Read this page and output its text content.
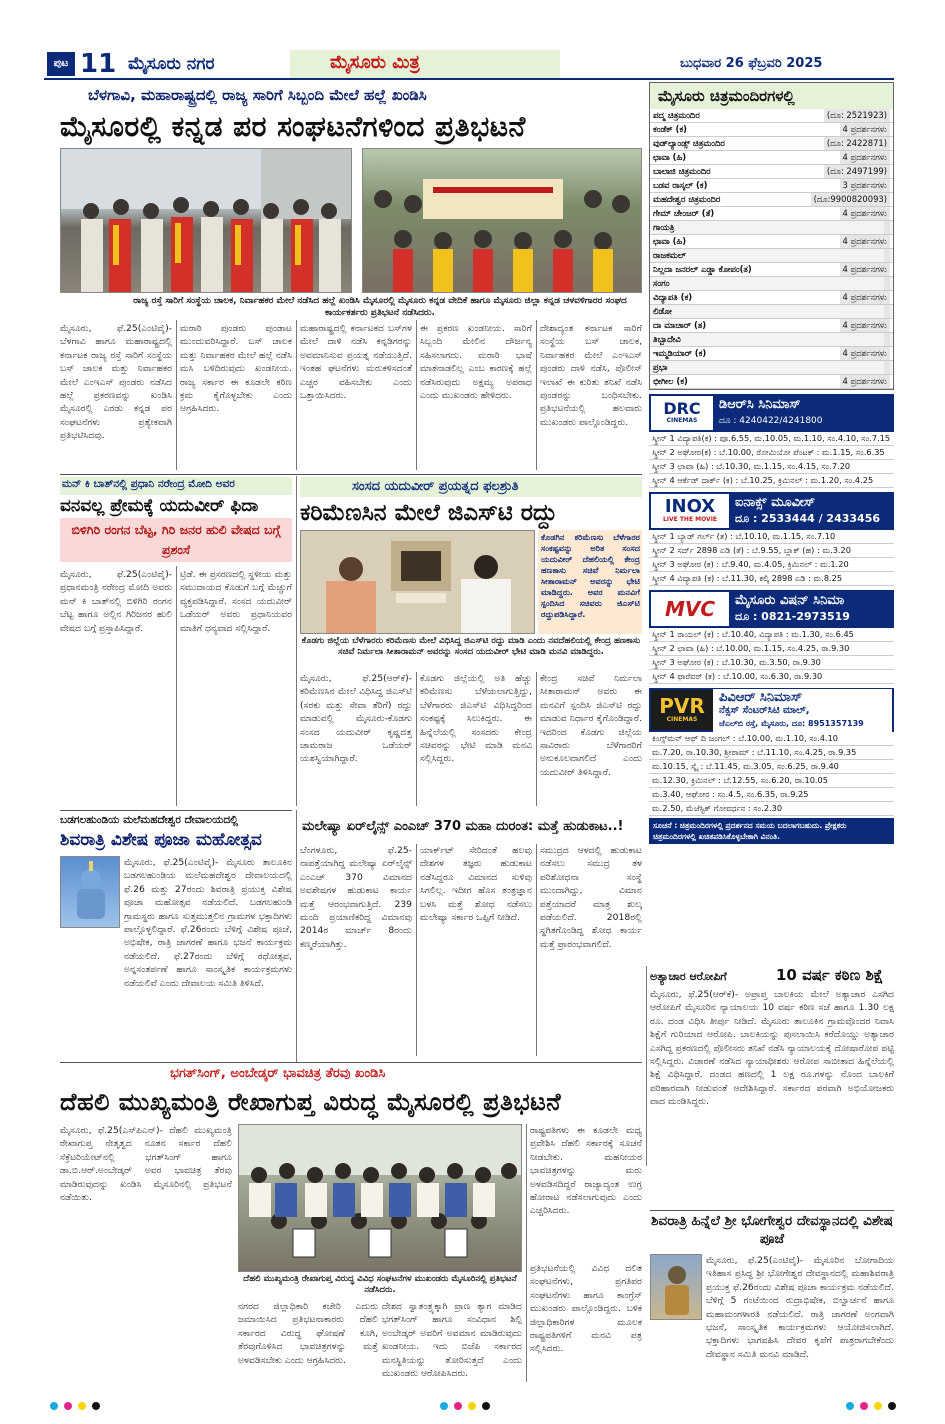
ಪುಟ 11 ಮೈಸೂರು ನಗರ	ಮೈಸೂರು ಮಿತ್ರ	ಬುಧವಾರ 26 ಫೆಬ್ರವರಿ 2025
ಬೆಳಗಾವಿ, ಮಹಾರಾಷ್ಟ್ರದಲ್ಲಿ ರಾಜ್ಯ ಸಾರಿಗೆ ಸಿಬ್ಬಂದಿ ಮೇಲೆ ಹಲ್ಲೆ ಖಂಡಿಸಿ
ಮೈಸೂರಲ್ಲಿ ಕನ್ನಡ ಪರ ಸಂಘಟನೆಗಳಿಂದ ಪ್ರತಿಭಟನೆ
ರಾಜ್ಯ ರಸ್ತೆ ಸಾರಿಗೆ ಸಂಸ್ಥೆಯ ಚಾಲಕ, ನಿರ್ವಾಹಕರ ಮೇಲೆ ನಡೆಸಿದ ಹಲ್ಲೆ ಖಂಡಿಸಿ ಮೈಸೂರಲ್ಲಿ ಮೈಸೂರು ಕನ್ನಡ ವೇದಿಕೆ ಹಾಗೂ ಮೈಸೂರು ಜಿಲ್ಲಾ ಕನ್ನಡ ಚಳವಳಿಗಾರರ ಸಂಘದ ಕಾರ್ಯಕರ್ತರು ಪ್ರತಿಭಟನೆ ನಡೆಸಿದರು.
ಮೈಸೂರು, ಫೆ.25(ಎಂಟಿವೈ)- ಬೆಳಗಾವಿ ಹಾಗೂ ಮಹಾರಾಷ್ಟ್ರದಲ್ಲಿ ಕರ್ನಾಟಕ ರಾಜ್ಯ ರಸ್ತೆ ಸಾರಿಗೆ ಸಂಸ್ಥೆಯ ಬಸ್ ಚಾಲಕ ಮತ್ತು ನಿರ್ವಾಹಕರ ಮೇಲೆ ಎಂಇಎಸ್ ಪುಂಡರು ನಡೆಸಿದ ಹಲ್ಲೆ ಪ್ರಕರಣವನ್ನು ಖಂಡಿಸಿ ಮೈಸೂರಲ್ಲಿ ಎರಡು ಕನ್ನಡ ಪರ ಸಂಘಟನೆಗಳು ಪ್ರತ್ಯೇಕವಾಗಿ ಪ್ರತಿಭಟಿಸಿದವು.
ಮರಾಠಿ ಪುಂಡರು ಪುಂಡಾಟ ಮುಂದುವರಿಸಿದ್ದಾರೆ. ಬಸ್ ಚಾಲಕ ಮತ್ತು ನಿರ್ವಾಹಕರ ಮೇಲೆ ಹಲ್ಲೆ ನಡೆಸಿ ಮಸಿ ಬಳಿದಿರುವುದು ಖಂಡನೀಯ. ರಾಜ್ಯ ಸರ್ಕಾರ ಈ ಕೂಡಲೇ ಕಠಿಣ ಕ್ರಮ ಕೈಗೊಳ್ಳಬೇಕು ಎಂದು ಆಗ್ರಹಿಸಿದರು.
ಮಹಾರಾಷ್ಟ್ರದಲ್ಲಿ ಕರ್ನಾಟಕದ ಬಸ್‌ಗಳ ಮೇಲೆ ದಾಳಿ ನಡೆಸಿ ಕನ್ನಡಿಗರನ್ನು ಅವಮಾನಿಸುವ ಪ್ರಯತ್ನ ನಡೆಯುತ್ತಿದೆ. ಇಂತಹ ಘಟನೆಗಳು ಮರುಕಳಿಸದಂತೆ ಎಚ್ಚರ ವಹಿಸಬೇಕು ಎಂದು ಒತ್ತಾಯಿಸಿದರು.
ಈ ಪ್ರಕರಣ ಖಂಡನೀಯ. ಸಾರಿಗೆ ಸಿಬ್ಬಂದಿ ಮೇಲಿನ ದೌರ್ಜನ್ಯ ಸಹಿಸಲಾಗದು. ಮರಾಠಿ ಭಾಷೆ ಮಾತನಾಡಲಿಲ್ಲ ಎಂಬ ಕಾರಣಕ್ಕೆ ಹಲ್ಲೆ ನಡೆಸಿರುವುದು ಅಕ್ಷಮ್ಯ ಅಪರಾಧ ಎಂದು ಮುಖಂಡರು ಹೇಳಿದರು.
ದೇಶಾದ್ಯಂತ ಕರ್ನಾಟಕ ಸಾರಿಗೆ ಸಂಸ್ಥೆಯ ಬಸ್ ಚಾಲಕ, ನಿರ್ವಾಹಕರ ಮೇಲೆ ಎಂಇಎಸ್ ಪುಂಡರು ದಾಳಿ ನಡೆಸಿ, ಪೊಲೀಸ್ ಇಲಾಖೆ ಈ ಕುರಿತು ತನಿಖೆ ನಡೆಸಿ ಪುಂಡರನ್ನು ಬಂಧಿಸಬೇಕು. ಪ್ರತಿಭಟನೆಯಲ್ಲಿ ಹಲವಾರು ಮುಖಂಡರು ಪಾಲ್ಗೊಂಡಿದ್ದರು.
ಮೈಸೂರು ಚಿತ್ರಮಂದಿರಗಳಲ್ಲಿ
ಪದ್ಮ ಚಿತ್ರಮಂದಿರ	(ದೂ: 2521923)
ಕಂಡೆಕ್ (ಕ)	4 ಪ್ರದರ್ಶನಗಳು
ವುಡ್‌ಲ್ಯಾಂಡ್ಸ್ ಚಿತ್ರಮಂದಿರ	(ದೂ: 2422871)
ಛಾವಾ (ಹಿ)	4 ಪ್ರದರ್ಶನಗಳು
ಬಾಲಾಜಿ ಚಿತ್ರಮಂದಿರ	(ದೂ: 2497199)
ಬಡವ ರಾಸ್ಕಲ್ (ಕ)	3 ಪ್ರದರ್ಶನಗಳು
ಮಹದೇಶ್ವರ ಚಿತ್ರಮಂದಿರ	(ದೂ:9900820093)
ಗೇಮ್ ಚೇಂಜರ್ (ತೆ)	4 ಪ್ರದರ್ಶನಗಳು
ಗಾಯತ್ರಿ
ಛಾವಾ (ಹಿ)	4 ಪ್ರದರ್ಶನಗಳು
ರಾಜಕಮಲ್
ನಿಲ್ಲದಾ ಜನರಲ್ ಎಡ್ಡಾ ಕೋಪಂ(ತ)	4 ಪ್ರದರ್ಶನಗಳು
ಸಂಗಂ
ವಿದ್ಯಾಪತಿ (ಕ)	4 ಪ್ರದರ್ಶನಗಳು
ಲಿಡೋ
ದಾ ಮಾಚಾರ್ (ತ)	4 ಪ್ರದರ್ಶನಗಳು
ತಿಬ್ಬಾದೇವಿ
ಇಮ್ಮಡಿಯಾರ್ (ಕ)	4 ಪ್ರದರ್ಶನಗಳು
ಪ್ರಭಾ
ಭೀಗೀಲ (ಕ)	4 ಪ್ರದರ್ಶನಗಳು
DRC
CINEMAS
ಡಿಆರ್‌ಸಿ ಸಿನಿಮಾಸ್
ದೂ : 4240422/4241800
ಸ್ಕ್ರೀನ್ 1 ವಿದ್ಯಾಪತಿ(ಕ) : ಪೂ.6.55, ಮ.10.05, ಮ.1.10, ಸಂ.4.10, ಸಂ.7.15
ಸ್ಕ್ರೀನ್ 2 ಅಘೋರ(ಕ) : ಬೆ.10.00, ರೋಮಿಯೋ ಪೆಂಟಕ್ : ಮ.1.15, ಸಂ.6.35
ಸ್ಕ್ರೀನ್ 3 ಛಾವಾ (ಹಿ) : ಬೆ.10.30, ಮ.1.15, ಸಂ.4.15, ಸಂ.7.20
ಸ್ಕ್ರೀನ್ 4 ಆರ್ಕೆಡ್ ದಾರ್ಕ್ (ಕ) : ಬೆ.10.25, ಕ್ರಿಮಿನಲ್ : ಮ.1.20, ಸಂ.4.25
INOX
LIVE THE MOVIE
ಐನಾಕ್ಸ್ ಮೂವೀಸ್
ದೂ : 2533444 / 2433456
ಸ್ಕ್ರೀನ್ 1 ಬ್ಯಾಡ್ ಗರ್ಲ್ (ತ) : ಬೆ.10.10, ಮ.1.15, ಸಂ.7.10
ಸ್ಕ್ರೀನ್ 2 ಸರ್ದ್ 2898 ಎಡಿ (ತೆ) : ಬೆ.9.55, ಬ್ಲಾಕ್ (ಹ) : ಮ.3.20
ಸ್ಕ್ರೀನ್ 3 ಅಘೋರ (ಕ) : ಬೆ.9.40, ಮ.4.05, ಕ್ರಿಮಿನಲ್ : ಮ.1.20
ಸ್ಕ್ರೀನ್ 4 ವಿದ್ಯಾಪತಿ (ಕ) : ಬೆ.11.30, ಕಲ್ಕಿ 2898 ಎಡಿ : ಮ.8.25
MVC	ಮೈಸೂರು ವಿಷನ್ ಸಿನಿಮಾ
ದೂ : 0821-2973519
ಸ್ಕ್ರೀನ್ 1 ರಾಯಲ್ (ಕ) : ಬೆ.10.40, ವಿದ್ಯಾಪತಿ : ಮ.1.30, ಸಂ.6.45
ಸ್ಕ್ರೀನ್ 2 ಛಾವಾ (ಹಿ) : ಬೆ.10.00, ಮ.1.15, ಸಂ.4.25, ರಾ.9.30
ಸ್ಕ್ರೀನ್ 3 ಅಘೋರ (ಕ) : ಬೆ.10.30, ಮ.3.50, ರಾ.9.30
ಸ್ಕ್ರೀನ್ 4 ಫಾರೆವರ್ (ಕ) : ಬೆ.10.00, ಸಂ.6.30, ರಾ.9.30
PVR
CINEMAS
ಪಿವಿಆರ್ ಸಿನಿಮಾಸ್
ನೆಕ್ಸಸ್ ಸೆಂಟರ್‌ಸಿಟಿ ಮಾಲ್,
ಜೆಎಲ್‌ಬಿ ರಸ್ತೆ, ಮೈಸೂರು, ದೂ: 8951357139
ಕಿಂಗ್ಸ್‌ಮನ್ ಆಫ್ ದಿ ಜಂಗಲ್ : ಬೆ.10.00, ಮ.1.10, ಸಂ.4.10
ಮ.7.20, ರಾ.10.30, ಶ್ರೀರಾಮ್ : ಬೆ.11.10, ಸಂ.4.25, ರಾ.9.35
ಮ.10.15, ಸ್ಕೈ : ಬೆ.11.45, ಮ.3.05, ಸಂ.6.25, ರಾ.9.40
ಮ.12.30, ಕ್ರಿಮಿನಲ್ : ಬೆ.12.55, ಸಂ.6.20, ರಾ.10.05
ಮ.3.40, ಆಘೋರ : ಸಂ.4.5, ಸಂ.6.35, ರಾ.9.25
ಮ.2.50, ಮೆಜೆಸ್ಟಿಕ್ ಗೋವರ್ಧನ : ಸಂ.2.30
ಸೂಚನೆ : ಚಿತ್ರಮಂದಿರಗಳಲ್ಲಿ ಪ್ರದರ್ಶನದ ಸಮಯ ಬದಲಾಗಬಹುದು. ಪ್ರೇಕ್ಷಕರು ಚಿತ್ರಮಂದಿರಗಳಲ್ಲಿ ಖಚಿತಪಡಿಸಿಕೊಳ್ಳಬೇಕಾಗಿ ವಿನಂತಿ.
ಮನ್ ಕಿ ಬಾತ್‌ನಲ್ಲಿ ಪ್ರಧಾನಿ ನರೇಂದ್ರ ಮೋದಿ ಅವರ
ವನವಲ್ಲ ಪ್ರೇಮಕ್ಕೆ ಯದುವೀರ್ ಫಿದಾ
ಬಿಳಿಗಿರಿ ರಂಗನ ಬೆಟ್ಟ, ಗಿರಿ ಜನರ ಹುಲಿ ವೇಷದ ಬಗ್ಗೆ ಪ್ರಶಂಸೆ
ಮೈಸೂರು, ಫೆ.25(ಎಂಟಿವೈ)- ಪ್ರಧಾನಮಂತ್ರಿ ನರೇಂದ್ರ ಮೋದಿ ಅವರು ಮನ್ ಕಿ ಬಾತ್‌ನಲ್ಲಿ ಬಿಳಿಗಿರಿ ರಂಗನ ಬೆಟ್ಟ ಹಾಗೂ ಅಲ್ಲಿನ ಗಿರಿಜನರ ಹುಲಿ ವೇಷದ ಬಗ್ಗೆ ಪ್ರಸ್ತಾಪಿಸಿದ್ದಾರೆ.
ಟ್ರಿಡೆ. ಈ ಪ್ರಸರಣದಲ್ಲಿ ಸ್ಥಳೀಯ ಮತ್ತು ಸಮುದಾಯದ ಕೊಡುಗೆ ಬಗ್ಗೆ ಮೆಚ್ಚುಗೆ ವ್ಯಕ್ತಪಡಿಸಿದ್ದಾರೆ. ಸಂಸದ ಯದುವೀರ್ ಒಡೆಯರ್ ಅವರು ಪ್ರಧಾನಿಯವರ ಮಾತಿಗೆ ಧನ್ಯವಾದ ಸಲ್ಲಿಸಿದ್ದಾರೆ.
ಸಂಸದ ಯದುವೀರ್ ಪ್ರಯತ್ನದ ಫಲಶ್ರುತಿ
ಕರಿಮೆಣಸಿನ ಮೇಲೆ ಜಿಎಸ್‌ಟಿ ರದ್ದು
ಕೊಡಗು ಜಿಲ್ಲೆಯ ಬೆಳೆಗಾರರು ಕರಿಮೆಣಸು ಮೇಲೆ ವಿಧಿಸಿದ್ದ ಜಿಎಸ್‌ಟಿ ರದ್ದು ಮಾಡಿ ಎಂದು ನವದೆಹಲಿಯಲ್ಲಿ ಕೇಂದ್ರ ಹಣಕಾಸು ಸಚಿವೆ ನಿರ್ಮಲಾ ಸೀತಾರಾಮನ್ ಅವರನ್ನು ಸಂಸದ ಯದುವೀರ್ ಭೇಟಿ ಮಾಡಿ ಮನವಿ ಮಾಡಿದ್ದರು.
ಕೊಡಗಿನ ಕರಿಮೆಣಸು ಬೆಳೆಗಾರರ ಸಂಕಷ್ಟವನ್ನು ಅರಿತ ಸಂಸದ ಯದುವೀರ್ ದೆಹಲಿಯಲ್ಲಿ ಕೇಂದ್ರ ಹಣಕಾಸು ಸಚಿವೆ ನಿರ್ಮಲಾ ಸೀತಾರಾಮನ್ ಅವರನ್ನು ಭೇಟಿ ಮಾಡಿದ್ದರು. ಅವರ ಮನವಿಗೆ ಸ್ಪಂದಿಸಿದ ಸಚಿವರು ಜಿಎಸ್‌ಟಿ ರದ್ದುಪಡಿಸಿದ್ದಾರೆ.
ಮೈಸೂರು, ಫೆ.25(ಆರ್‌ಕೆ)- ಕರಿಮೆಣಸಿನ ಮೇಲೆ ವಿಧಿಸಿದ್ದ ಜಿಎಸ್‌ಟಿ (ಸರಕು ಮತ್ತು ಸೇವಾ ತೆರಿಗೆ) ರದ್ದು ಮಾಡುವಲ್ಲಿ ಮೈಸೂರು-ಕೊಡಗು ಸಂಸದ ಯದುವೀರ್ ಕೃಷ್ಣದತ್ತ ಚಾಮರಾಜ ಒಡೆಯರ್ ಯಶಸ್ವಿಯಾಗಿದ್ದಾರೆ.
ಕೊಡಗು ಜಿಲ್ಲೆಯಲ್ಲಿ ಅತಿ ಹೆಚ್ಚು ಕರಿಮೆಣಸು ಬೆಳೆಯಲಾಗುತ್ತಿದ್ದು, ಬೆಳೆಗಾರರು ಜಿಎಸ್‌ಟಿ ವಿಧಿಸಿದ್ದರಿಂದ ಸಂಕಷ್ಟಕ್ಕೆ ಸಿಲುಕಿದ್ದರು. ಈ ಹಿನ್ನೆಲೆಯಲ್ಲಿ ಸಂಸದರು ಕೇಂದ್ರ ಸಚಿವರನ್ನು ಭೇಟಿ ಮಾಡಿ ಮನವಿ ಸಲ್ಲಿಸಿದ್ದರು.
ಕೇಂದ್ರ ಸಚಿವೆ ನಿರ್ಮಲಾ ಸೀತಾರಾಮನ್ ಅವರು ಈ ಮನವಿಗೆ ಸ್ಪಂದಿಸಿ ಜಿಎಸ್‌ಟಿ ರದ್ದು ಮಾಡುವ ನಿರ್ಧಾರ ಕೈಗೊಂಡಿದ್ದಾರೆ. ಇದರಿಂದ ಕೊಡಗು ಜಿಲ್ಲೆಯ ಸಾವಿರಾರು ಬೆಳೆಗಾರರಿಗೆ ಅನುಕೂಲವಾಗಲಿದೆ ಎಂದು ಯದುವೀರ್ ತಿಳಿಸಿದ್ದಾರೆ.
ಬಡಗಲಹುಂಡಿಯ ಮಲೆಮಹದೇಶ್ವರ ದೇವಾಲಯದಲ್ಲಿ
ಶಿವರಾತ್ರಿ ವಿಶೇಷ ಪೂಜಾ ಮಹೋತ್ಸವ
ಮೈಸೂರು, ಫೆ.25(ಎಂಟಿವೈ)- ಮೈಸೂರು ತಾಲೂಕಿನ ಬಡಗಲಹುಂಡಿಯ ಮಲೆಮಹದೇಶ್ವರ ದೇವಾಲಯದಲ್ಲಿ ಫೆ.26 ಮತ್ತು 27ರಂದು ಶಿವರಾತ್ರಿ ಪ್ರಯುಕ್ತ ವಿಶೇಷ ಪೂಜಾ ಮಹೋತ್ಸವ ನಡೆಯಲಿದೆ. ಬಡಗಲಹುಂಡಿ ಗ್ರಾಮಸ್ಥರು ಹಾಗೂ ಸುತ್ತಮುತ್ತಲಿನ ಗ್ರಾಮಗಳ ಭಕ್ತಾದಿಗಳು ಪಾಲ್ಗೊಳ್ಳಲಿದ್ದಾರೆ. ಫೆ.26ರಂದು ಬೆಳಿಗ್ಗೆ ವಿಶೇಷ ಪೂಜೆ, ಅಭಿಷೇಕ, ರಾತ್ರಿ ಜಾಗರಣೆ ಹಾಗೂ ಭಜನೆ ಕಾರ್ಯಕ್ರಮ ನಡೆಯಲಿದೆ. ಫೆ.27ರಂದು ಬೆಳಿಗ್ಗೆ ರಥೋತ್ಸವ, ಅನ್ನಸಂತರ್ಪಣೆ ಹಾಗೂ ಸಾಂಸ್ಕೃತಿಕ ಕಾರ್ಯಕ್ರಮಗಳು ನಡೆಯಲಿವೆ ಎಂದು ದೇವಾಲಯ ಸಮಿತಿ ತಿಳಿಸಿದೆ.
ಮಲೇಷ್ಯಾ ಏರ್‌ಲೈನ್ಸ್ ಎಂಎಚ್ 370 ಮಹಾ ದುರಂತ: ಮತ್ತೆ ಹುಡುಕಾಟ..!
ಬೆಂಗಳೂರು, ಫೆ.25- ನಾಪತ್ತೆಯಾಗಿದ್ದ ಮಲೇಷ್ಯಾ ಏರ್‌ಲೈನ್ಸ್ ಎಂಎಚ್ 370 ವಿಮಾನದ ಅವಶೇಷಗಳ ಹುಡುಕಾಟ ಕಾರ್ಯ ಮತ್ತೆ ಆರಂಭವಾಗುತ್ತಿದೆ. 239 ಮಂದಿ ಪ್ರಯಾಣಿಕರಿದ್ದ ವಿಮಾನವು 2014ರ ಮಾರ್ಚ್ 8ರಂದು ಕಣ್ಮರೆಯಾಗಿತ್ತು.
ಯಾರ್ಕ್‌ಟ್ ಸೇರಿದಂತೆ ಹಲವು ದೇಶಗಳ ತಜ್ಞರು ಹುಡುಕಾಟ ನಡೆಸಿದ್ದರೂ ವಿಮಾನದ ಸುಳಿವು ಸಿಗಲಿಲ್ಲ. ಇದೀಗ ಹೊಸ ತಂತ್ರಜ್ಞಾನ ಬಳಸಿ ಮತ್ತೆ ಶೋಧ ನಡೆಸಲು ಮಲೇಷ್ಯಾ ಸರ್ಕಾರ ಒಪ್ಪಿಗೆ ನೀಡಿದೆ.
ಸಮುದ್ರದ ಆಳದಲ್ಲಿ ಹುಡುಕಾಟ ನಡೆಸಲು ಸಮುದ್ರ ತಳ ಪರಿಶೋಧನಾ ಸಂಸ್ಥೆ ಮುಂದಾಗಿದ್ದು, ವಿಮಾನ ಪತ್ತೆಯಾದರೆ ಮಾತ್ರ ಶುಲ್ಕ ಪಡೆಯಲಿದೆ. 2018ರಲ್ಲಿ ಸ್ಥಗಿತಗೊಂಡಿದ್ದ ಶೋಧ ಕಾರ್ಯ ಮತ್ತೆ ಪ್ರಾರಂಭವಾಗಲಿದೆ.
ಅತ್ಯಾಚಾರ ಆರೋಪಿಗೆ	10 ವರ್ಷ ಕಠಿಣ ಶಿಕ್ಷೆ
ಮೈಸೂರು, ಫೆ.25(ಆರ್‌ಕೆ)- ಅಪ್ರಾಪ್ತ ಬಾಲಕಿಯ ಮೇಲೆ ಅತ್ಯಾಚಾರ ಎಸಗಿದ ಆರೋಪಿಗೆ ಮೈಸೂರಿನ ನ್ಯಾಯಾಲಯ 10 ವರ್ಷ ಕಠಿಣ ಸಜೆ ಹಾಗೂ 1.30 ಲಕ್ಷ ರೂ. ದಂಡ ವಿಧಿಸಿ ತೀರ್ಪು ನೀಡಿದೆ. ಮೈಸೂರು ತಾಲೂಕಿನ ಗ್ರಾಮವೊಂದರ ನಿವಾಸಿ ಶಿಕ್ಷೆಗೆ ಗುರಿಯಾದ ಆರೋಪಿ. ಬಾಲಕಿಯನ್ನು ಪುಸಲಾಯಿಸಿ ಕರೆದೊಯ್ದು ಅತ್ಯಾಚಾರ ಎಸಗಿದ್ದ ಪ್ರಕರಣದಲ್ಲಿ ಪೊಲೀಸರು ತನಿಖೆ ನಡೆಸಿ ನ್ಯಾಯಾಲಯಕ್ಕೆ ದೋಷಾರೋಪ ಪಟ್ಟಿ ಸಲ್ಲಿಸಿದ್ದರು. ವಿಚಾರಣೆ ನಡೆಸಿದ ನ್ಯಾಯಾಧೀಶರು ಆರೋಪ ಸಾಬೀತಾದ ಹಿನ್ನೆಲೆಯಲ್ಲಿ ಶಿಕ್ಷೆ ವಿಧಿಸಿದ್ದಾರೆ. ದಂಡದ ಹಣದಲ್ಲಿ 1 ಲಕ್ಷ ರೂ.ಗಳನ್ನು ನೊಂದ ಬಾಲಕಿಗೆ ಪರಿಹಾರವಾಗಿ ನೀಡುವಂತೆ ಆದೇಶಿಸಿದ್ದಾರೆ. ಸರ್ಕಾರದ ಪರವಾಗಿ ಅಭಿಯೋಜಕರು ವಾದ ಮಂಡಿಸಿದ್ದರು.
ಭಗತ್‌ಸಿಂಗ್, ಅಂಬೇಡ್ಕರ್ ಭಾವಚಿತ್ರ ತೆರವು ಖಂಡಿಸಿ
ದೆಹಲಿ ಮುಖ್ಯಮಂತ್ರಿ ರೇಖಾಗುಪ್ತ ವಿರುದ್ಧ ಮೈಸೂರಲ್ಲಿ ಪ್ರತಿಭಟನೆ
ಮೈಸೂರು, ಫೆ.25(ಎಸ್‌ಪಿಎನ್)- ದೆಹಲಿ ಮುಖ್ಯಮಂತ್ರಿ ರೇಖಾಗುಪ್ತ ನೇತೃತ್ವದ ನೂತನ ಸರ್ಕಾರ ದೆಹಲಿ ಸೆಕ್ರೆಟರಿಯೇಟ್‌ನಲ್ಲಿ ಭಗತ್‌ಸಿಂಗ್ ಹಾಗೂ ಡಾ.ಬಿ.ಆರ್.ಅಂಬೇಡ್ಕರ್ ಅವರ ಭಾವಚಿತ್ರ ತೆರವು ಮಾಡಿರುವುದನ್ನು ಖಂಡಿಸಿ ಮೈಸೂರಿನಲ್ಲಿ ಪ್ರತಿಭಟನೆ ನಡೆಯಿತು.
ದೆಹಲಿ ಮುಖ್ಯಮಂತ್ರಿ ರೇಖಾಗುಪ್ತ ವಿರುದ್ಧ ವಿವಿಧ ಸಂಘಟನೆಗಳ ಮುಖಂಡರು ಮೈಸೂರಿನಲ್ಲಿ ಪ್ರತಿಭಟನೆ ನಡೆಸಿದರು.
ನಗರದ ಜಿಲ್ಲಾಧಿಕಾರಿ ಕಚೇರಿ ಎದುರು ಜಮಾಯಿಸಿದ ಪ್ರತಿಭಟನಾಕಾರರು ದೆಹಲಿ ಸರ್ಕಾರದ ವಿರುದ್ಧ ಘೋಷಣೆ ಕೂಗಿ, ತೆರವುಗೊಳಿಸಿದ ಭಾವಚಿತ್ರಗಳನ್ನು ಮತ್ತೆ ಅಳವಡಿಸಬೇಕು ಎಂದು ಆಗ್ರಹಿಸಿದರು.
ದೇಶದ ಸ್ವಾತಂತ್ರ್ಯಕ್ಕಾಗಿ ಪ್ರಾಣ ತ್ಯಾಗ ಮಾಡಿದ ಭಗತ್‌ಸಿಂಗ್ ಹಾಗೂ ಸಂವಿಧಾನ ಶಿಲ್ಪಿ ಅಂಬೇಡ್ಕರ್ ಅವರಿಗೆ ಅವಮಾನ ಮಾಡಿರುವುದು ಖಂಡನೀಯ. ಇದು ಬಿಜೆಪಿ ಸರ್ಕಾರದ ಮನಸ್ಥಿತಿಯನ್ನು ತೋರಿಸುತ್ತದೆ ಎಂದು ಮುಖಂಡರು ಆರೋಪಿಸಿದರು.
ರಾಷ್ಟ್ರಪತಿಗಳು ಈ ಕೂಡಲೇ ಮಧ್ಯ ಪ್ರವೇಶಿಸಿ ದೆಹಲಿ ಸರ್ಕಾರಕ್ಕೆ ಸೂಚನೆ ನೀಡಬೇಕು. ಮಹನೀಯರ ಭಾವಚಿತ್ರಗಳನ್ನು ಮರು ಅಳವಡಿಸದಿದ್ದರೆ ರಾಜ್ಯಾದ್ಯಂತ ಉಗ್ರ ಹೋರಾಟ ನಡೆಸಲಾಗುವುದು ಎಂದು ಎಚ್ಚರಿಸಿದರು.
ಪ್ರತಿಭಟನೆಯಲ್ಲಿ ವಿವಿಧ ದಲಿತ ಸಂಘಟನೆಗಳು, ಪ್ರಗತಿಪರ ಸಂಘಟನೆಗಳು ಹಾಗೂ ಕಾಂಗ್ರೆಸ್ ಮುಖಂಡರು ಪಾಲ್ಗೊಂಡಿದ್ದರು. ಬಳಿಕ ಜಿಲ್ಲಾಧಿಕಾರಿಗಳ ಮೂಲಕ ರಾಷ್ಟ್ರಪತಿಗಳಿಗೆ ಮನವಿ ಪತ್ರ ಸಲ್ಲಿಸಿದರು.
ಶಿವರಾತ್ರಿ ಹಿನ್ನೆಲೆ ಶ್ರೀ ಭೋಗೇಶ್ವರ ದೇವಸ್ಥಾನದಲ್ಲಿ ವಿಶೇಷ ಪೂಜೆ
ಮೈಸೂರು, ಫೆ.25(ಎಂಟಿವೈ)- ಮೈಸೂರಿನ ಬೋಗಾದಿಯ ಇತಿಹಾಸ ಪ್ರಸಿದ್ಧ ಶ್ರೀ ಭೋಗೇಶ್ವರ ದೇವಸ್ಥಾನದಲ್ಲಿ ಮಹಾಶಿವರಾತ್ರಿ ಪ್ರಯುಕ್ತ ಫೆ.26ರಂದು ವಿಶೇಷ ಪೂಜಾ ಕಾರ್ಯಕ್ರಮ ನಡೆಯಲಿದೆ. ಬೆಳಿಗ್ಗೆ 5 ಗಂಟೆಯಿಂದ ರುದ್ರಾಭಿಷೇಕ, ಬಿಲ್ವಾರ್ಚನೆ ಹಾಗೂ ಮಹಾಮಂಗಳಾರತಿ ನಡೆಯಲಿದೆ. ರಾತ್ರಿ ಜಾಗರಣೆ ಅಂಗವಾಗಿ ಭಜನೆ, ಸಾಂಸ್ಕೃತಿಕ ಕಾರ್ಯಕ್ರಮಗಳು ಆಯೋಜಿಸಲಾಗಿದೆ. ಭಕ್ತಾದಿಗಳು ಭಾಗವಹಿಸಿ ದೇವರ ಕೃಪೆಗೆ ಪಾತ್ರರಾಗಬೇಕೆಂದು ದೇವಸ್ಥಾನ ಸಮಿತಿ ಮನವಿ ಮಾಡಿದೆ.
